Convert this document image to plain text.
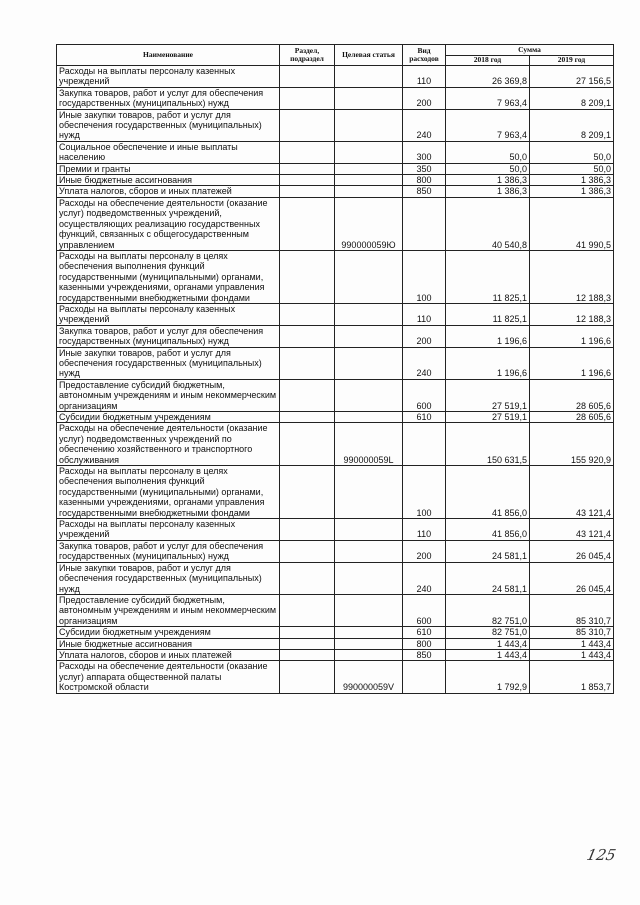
Наименование	Раздел, подраздел	Целевая статья	Вид расходов	Сумма	
				2018 год	2019 год
Расходы на выплаты персоналу казенных учреждений			110	26 369,8	27 156,5
Закупка товаров, работ и услуг для обеспечения государственных (муниципальных) нужд			200	7 963,4	8 209,1
Иные закупки товаров, работ и услуг для обеспечения государственных (муниципальных) нужд			240	7 963,4	8 209,1
Социальное обеспечение и иные выплаты населению			300	50,0	50,0
Премии и гранты			350	50,0	50,0
Иные бюджетные ассигнования			800	1 386,3	1 386,3
Уплата налогов, сборов и иных платежей			850	1 386,3	1 386,3
Расходы на обеспечение деятельности (оказание услуг) подведомственных учреждений, осуществляющих реализацию государственных функций, связанных с общегосударственным управлением		990000059Ю		40 540,8	41 990,5
Расходы на выплаты персоналу в целях обеспечения выполнения функций государственными (муниципальными) органами, казенными учреждениями, органами управления государственными внебюджетными фондами			100	11 825,1	12 188,3
Расходы на выплаты персоналу казенных учреждений			110	11 825,1	12 188,3
Закупка товаров, работ и услуг для обеспечения государственных (муниципальных) нужд			200	1 196,6	1 196,6
Иные закупки товаров, работ и услуг для обеспечения государственных (муниципальных) нужд			240	1 196,6	1 196,6
Предоставление субсидий бюджетным, автономным учреждениям и иным некоммерческим организациям			600	27 519,1	28 605,6
Субсидии бюджетным учреждениям			610	27 519,1	28 605,6
Расходы на обеспечение деятельности (оказание услуг) подведомственных учреждений по обеспечению хозяйственного и транспортного обслуживания		990000059L		150 631,5	155 920,9
Расходы на выплаты персоналу в целях обеспечения выполнения функций государственными (муниципальными) органами, казенными учреждениями, органами управления государственными внебюджетными фондами			100	41 856,0	43 121,4
Расходы на выплаты персоналу казенных учреждений			110	41 856,0	43 121,4
Закупка товаров, работ и услуг для обеспечения государственных (муниципальных) нужд			200	24 581,1	26 045,4
Иные закупки товаров, работ и услуг для обеспечения государственных (муниципальных) нужд			240	24 581,1	26 045,4
Предоставление субсидий бюджетным, автономным учреждениям и иным некоммерческим организациям			600	82 751,0	85 310,7
Субсидии бюджетным учреждениям			610	82 751,0	85 310,7
Иные бюджетные ассигнования			800	1 443,4	1 443,4
Уплата налогов, сборов и иных платежей			850	1 443,4	1 443,4
Расходы на обеспечение деятельности (оказание услуг) аппарата общественной палаты Костромской области		990000059V		1 792,9	1 853,7
125
